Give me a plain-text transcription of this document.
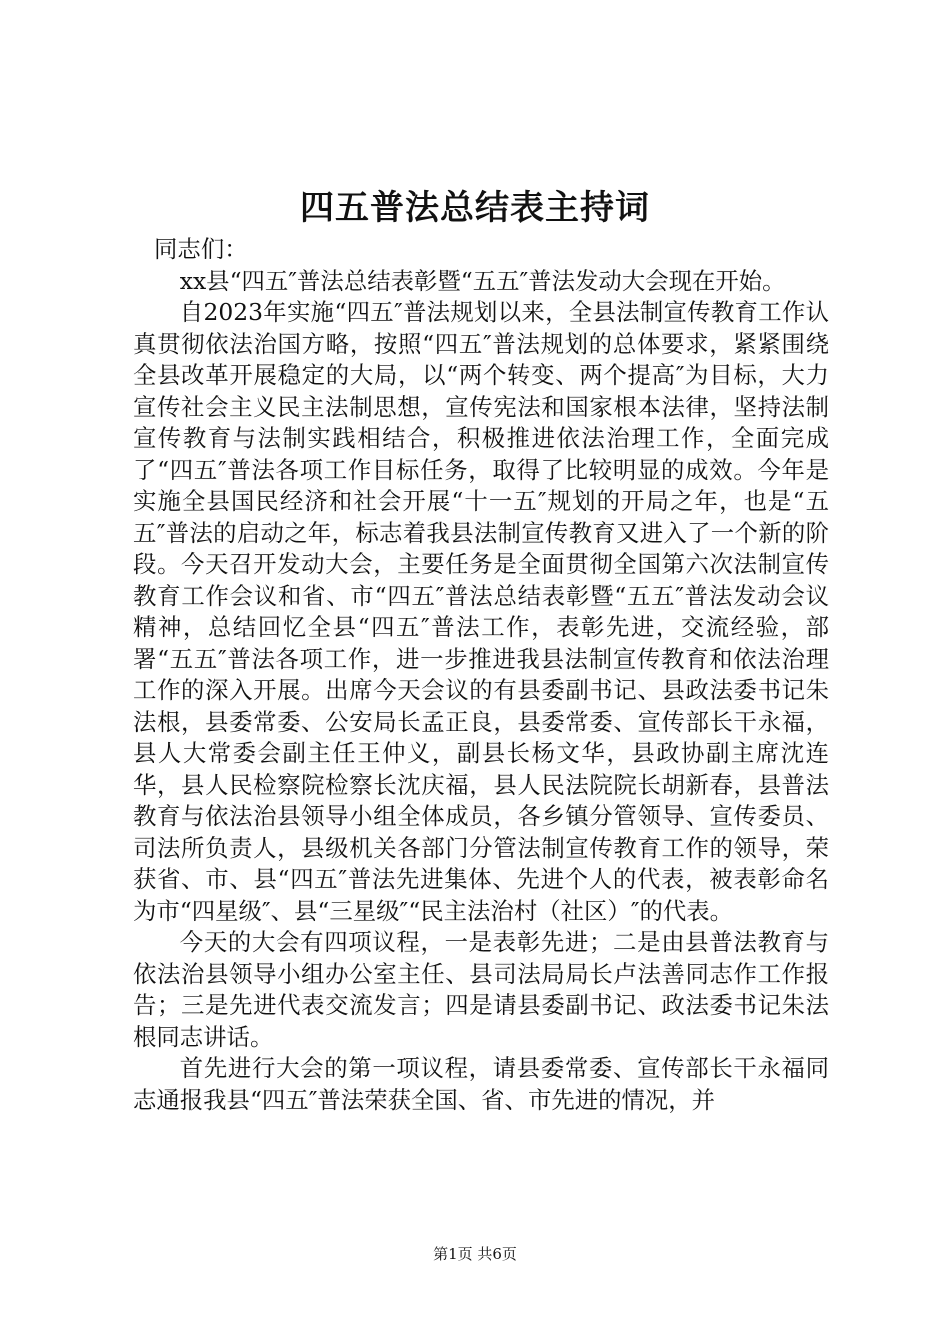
四五普法总结表主持词

同志们：

xx县“四五″普法总结表彰暨“五五″普法发动大会现在开始。

自2023年实施“四五″普法规划以来，全县法制宣传教育工作认真贯彻依法治国方略，按照“四五″普法规划的总体要求，紧紧围绕全县改革开展稳定的大局，以“两个转变、两个提高″为目标，大力宣传社会主义民主法制思想，宣传宪法和国家根本法律，坚持法制宣传教育与法制实践相结合，积极推进依法治理工作，全面完成了“四五″普法各项工作目标任务，取得了比较明显的成效。今年是实施全县国民经济和社会开展“十一五″规划的开局之年，也是“五五″普法的启动之年，标志着我县法制宣传教育又进入了一个新的阶段。今天召开发动大会，主要任务是全面贯彻全国第六次法制宣传教育工作会议和省、市“四五″普法总结表彰暨“五五″普法发动会议精神，总结回忆全县“四五″普法工作，表彰先进，交流经验，部署“五五″普法各项工作，进一步推进我县法制宣传教育和依法治理工作的深入开展。出席今天会议的有县委副书记、县政法委书记朱法根，县委常委、公安局长孟正良，县委常委、宣传部长干永福，县人大常委会副主任王仲义，副县长杨文华，县政协副主席沈连华，县人民检察院检察长沈庆福，县人民法院院长胡新春，县普法教育与依法治县领导小组全体成员，各乡镇分管领导、宣传委员、司法所负责人，县级机关各部门分管法制宣传教育工作的领导，荣获省、市、县“四五″普法先进集体、先进个人的代表，被表彰命名为市“四星级″、县“三星级″“民主法治村（社区）″的代表。

今天的大会有四项议程，一是表彰先进；二是由县普法教育与依法治县领导小组办公室主任、县司法局局长卢法善同志作工作报告；三是先进代表交流发言；四是请县委副书记、政法委书记朱法根同志讲话。

首先进行大会的第一项议程，请县委常委、宣传部长干永福同志通报我县“四五″普法荣获全国、省、市先进的情况，并

第1页 共6页
